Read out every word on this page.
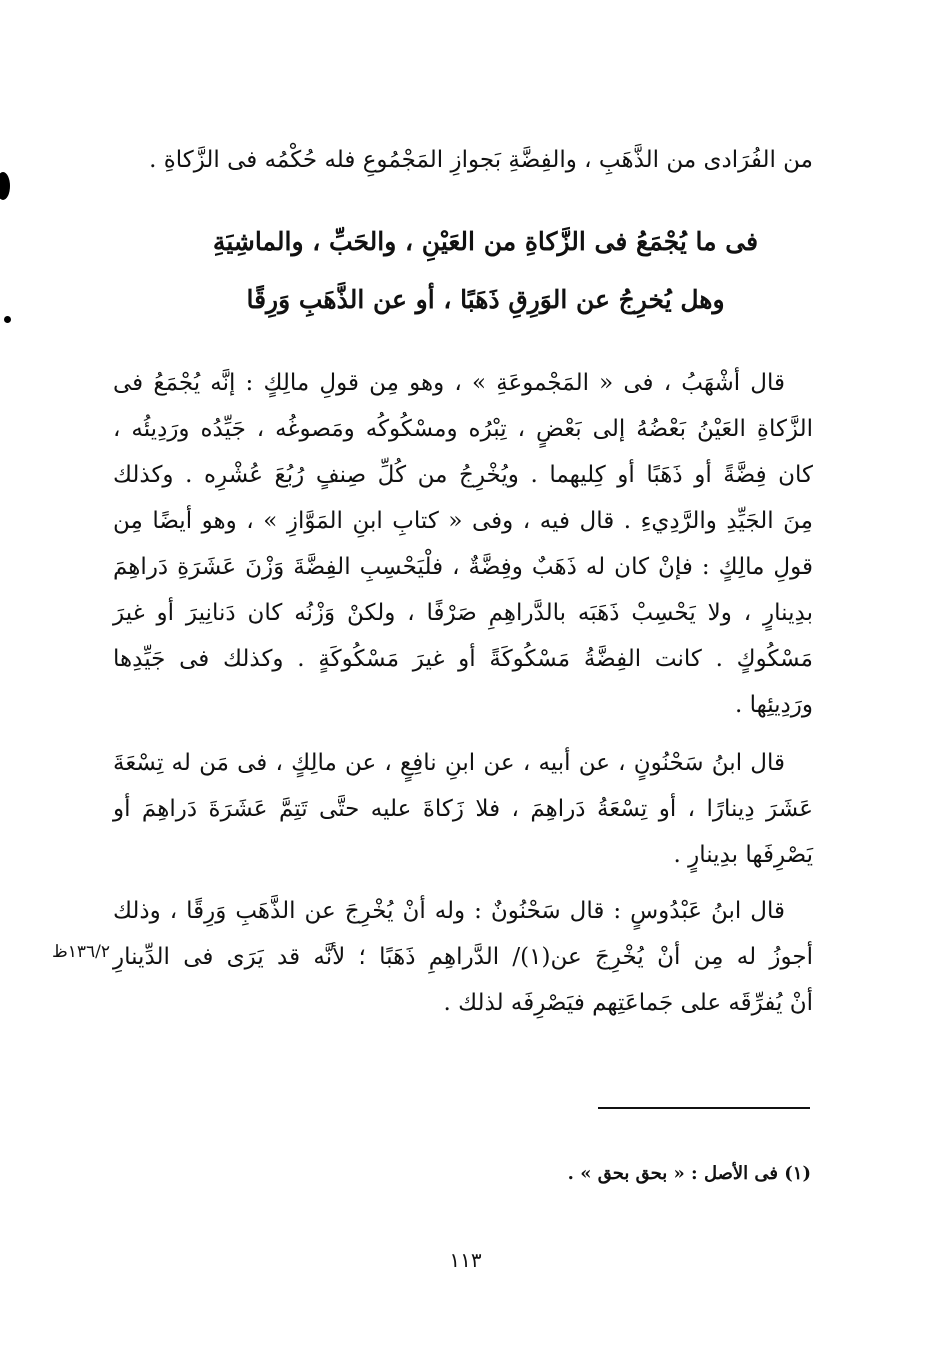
من الفُرَادى من الذَّهَبِ ، والفِضَّةِ بَجوازِ المَجْمُوعِ فله حُكْمُه فى الزَّكاةِ .
فى ما يُجْمَعُ فى الزَّكاةِ من العَيْنِ ، والحَبِّ ، والماشِيَةِ
وهل يُخرِجُ عن الوَرِقِ ذَهَبًا ، أو عن الذَّهَبِ وَرِقًا
قال أشْهَبُ ، فى « المَجْموعَةِ » ، وهو مِن قولِ مالِكٍ : إنَّه يُجْمَعُ فى
الزَّكاةِ العَيْنُ بَعْضُهُ إلى بَعْضٍ ، تِبْرُه ومسْكُوكُه ومَصوغُه ، جَيِّدُه ورَدِيئُه ،
كان فِضَّةً أو ذَهَبًا أو كِليهما . ويُخْرِجُ من كُلِّ صِنفٍ رُبُعَ عُشْرِه . وكذلك
مِنَ الجَيِّدِ والرَّدِيءِ . قال فيه ، وفى « كتابِ ابنِ المَوَّازِ » ، وهو أيضًا مِن
قولِ مالِكٍ : فإنْ كان له ذَهَبٌ وفِضَّةٌ ، فلْيَحْسِبِ الفِضَّةَ وَزْنَ عَشَرَةِ دَراهِمَ
بدِينارٍ ، ولا يَحْسِبْ ذَهَبَه بالدَّراهِمِ صَرْفًا ، ولكنْ وَزْنُه كان دَنانِيرَ أو غيرَ
مَسْكُوكٍ . كانت الفِضَّةُ مَسْكُوكَةً أو غيرَ مَسْكُوكَةٍ . وكذلك فى جَيِّدِها
ورَدِيئِها .
قال ابنُ سَحْنُونٍ ، عن أبيه ، عن ابنِ نافِعٍ ، عن مالِكٍ ، فى مَن له تِسْعَةَ
عَشَرَ دِينارًا ، أو تِسْعَةُ دَراهِمَ ، فلا زَكاةَ عليه حتَّى تَتِمَّ عَشَرَةَ دَراهِمَ أو
يَصْرِفَها بدِينارٍ .
قال ابنُ عَبْدُوسٍ : قال سَحْنُونٌ : وله أنْ يُخْرِجَ عن الذَّهَبِ وَرِقًا ، وذلك
أجوزُ له مِن أنْ يُخْرِجَ عن(١)/ الدَّراهِمِ ذَهَبًا ؛ لأنَّه قد يَرَى فى الدِّينارِ
أنْ يُفرِّقَه على جَماعَتِهم فيَصْرِفَه لذلك .
١٣٦/٢ظ
(١) فى الأصل : « بحق بحق » .
١١٣
